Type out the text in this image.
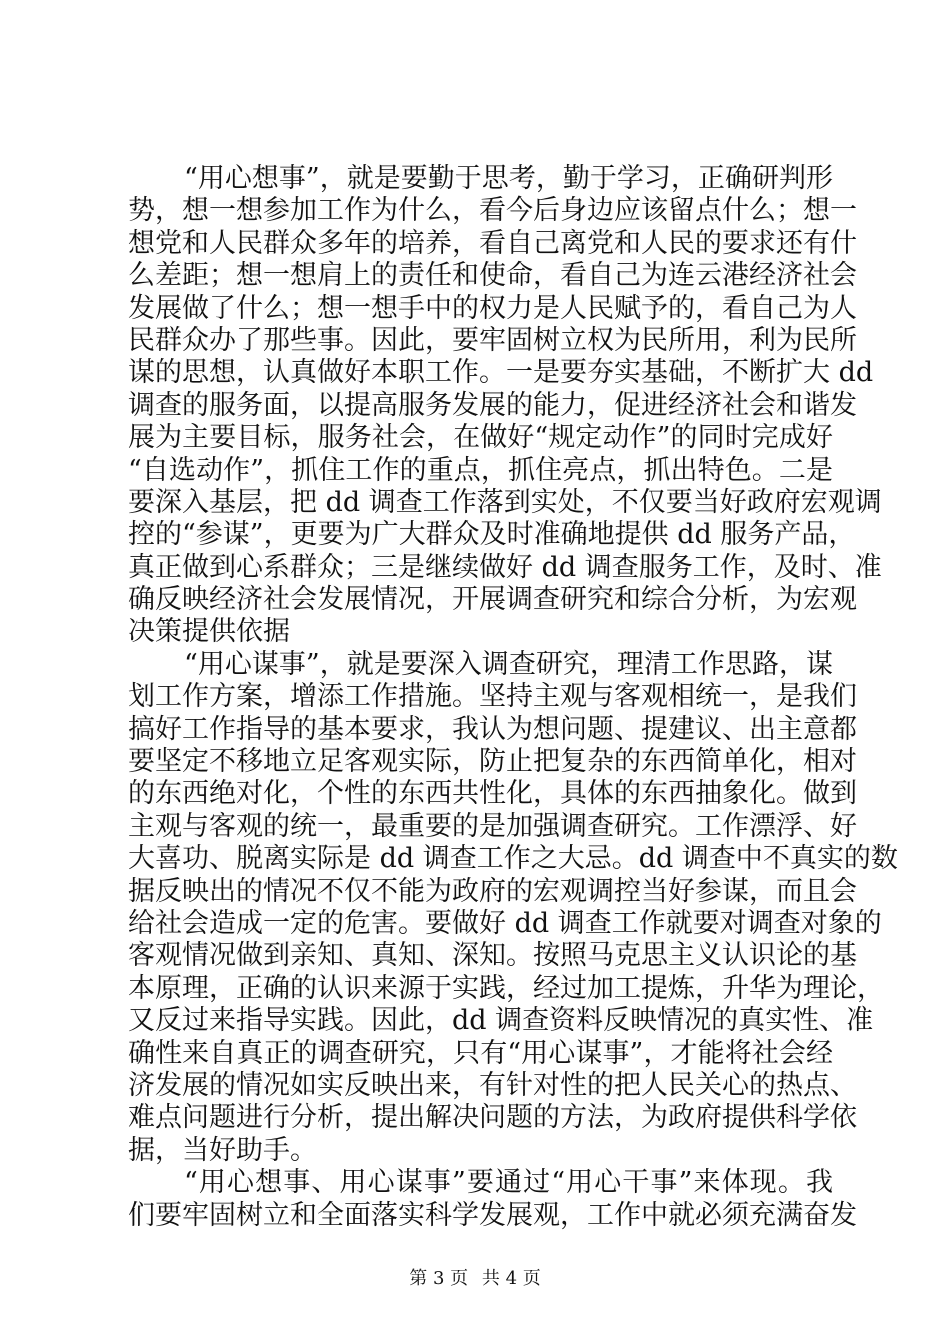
“用心想事”，就是要勤于思考，勤于学习，正确研判形
势，想一想参加工作为什么，看今后身边应该留点什么；想一
想党和人民群众多年的培养，看自己离党和人民的要求还有什
么差距；想一想肩上的责任和使命，看自己为连云港经济社会
发展做了什么；想一想手中的权力是人民赋予的，看自己为人
民群众办了那些事。因此，要牢固树立权为民所用，利为民所
谋的思想，认真做好本职工作。一是要夯实基础，不断扩大 dd
调查的服务面，以提高服务发展的能力，促进经济社会和谐发
展为主要目标，服务社会，在做好“规定动作”的同时完成好
“自选动作”，抓住工作的重点，抓住亮点，抓出特色。二是
要深入基层，把 dd 调查工作落到实处，不仅要当好政府宏观调
控的“参谋”，更要为广大群众及时准确地提供 dd 服务产品，
真正做到心系群众；三是继续做好 dd 调查服务工作，及时、准
确反映经济社会发展情况，开展调查研究和综合分析，为宏观
决策提供依据
“用心谋事”，就是要深入调查研究，理清工作思路，谋
划工作方案，增添工作措施。坚持主观与客观相统一，是我们
搞好工作指导的基本要求，我认为想问题、提建议、出主意都
要坚定不移地立足客观实际，防止把复杂的东西简单化，相对
的东西绝对化，个性的东西共性化，具体的东西抽象化。做到
主观与客观的统一，最重要的是加强调查研究。工作漂浮、好
大喜功、脱离实际是 dd 调查工作之大忌。dd 调查中不真实的数
据反映出的情况不仅不能为政府的宏观调控当好参谋，而且会
给社会造成一定的危害。要做好 dd 调查工作就要对调查对象的
客观情况做到亲知、真知、深知。按照马克思主义认识论的基
本原理，正确的认识来源于实践，经过加工提炼，升华为理论，
又反过来指导实践。因此，dd 调查资料反映情况的真实性、准
确性来自真正的调查研究，只有“用心谋事”，才能将社会经
济发展的情况如实反映出来，有针对性的把人民关心的热点、
难点问题进行分析，提出解决问题的方法，为政府提供科学依
据，当好助手。
“用心想事、用心谋事”要通过“用心干事”来体现。我
们要牢固树立和全面落实科学发展观，工作中就必须充满奋发
第 3 页 共 4 页
